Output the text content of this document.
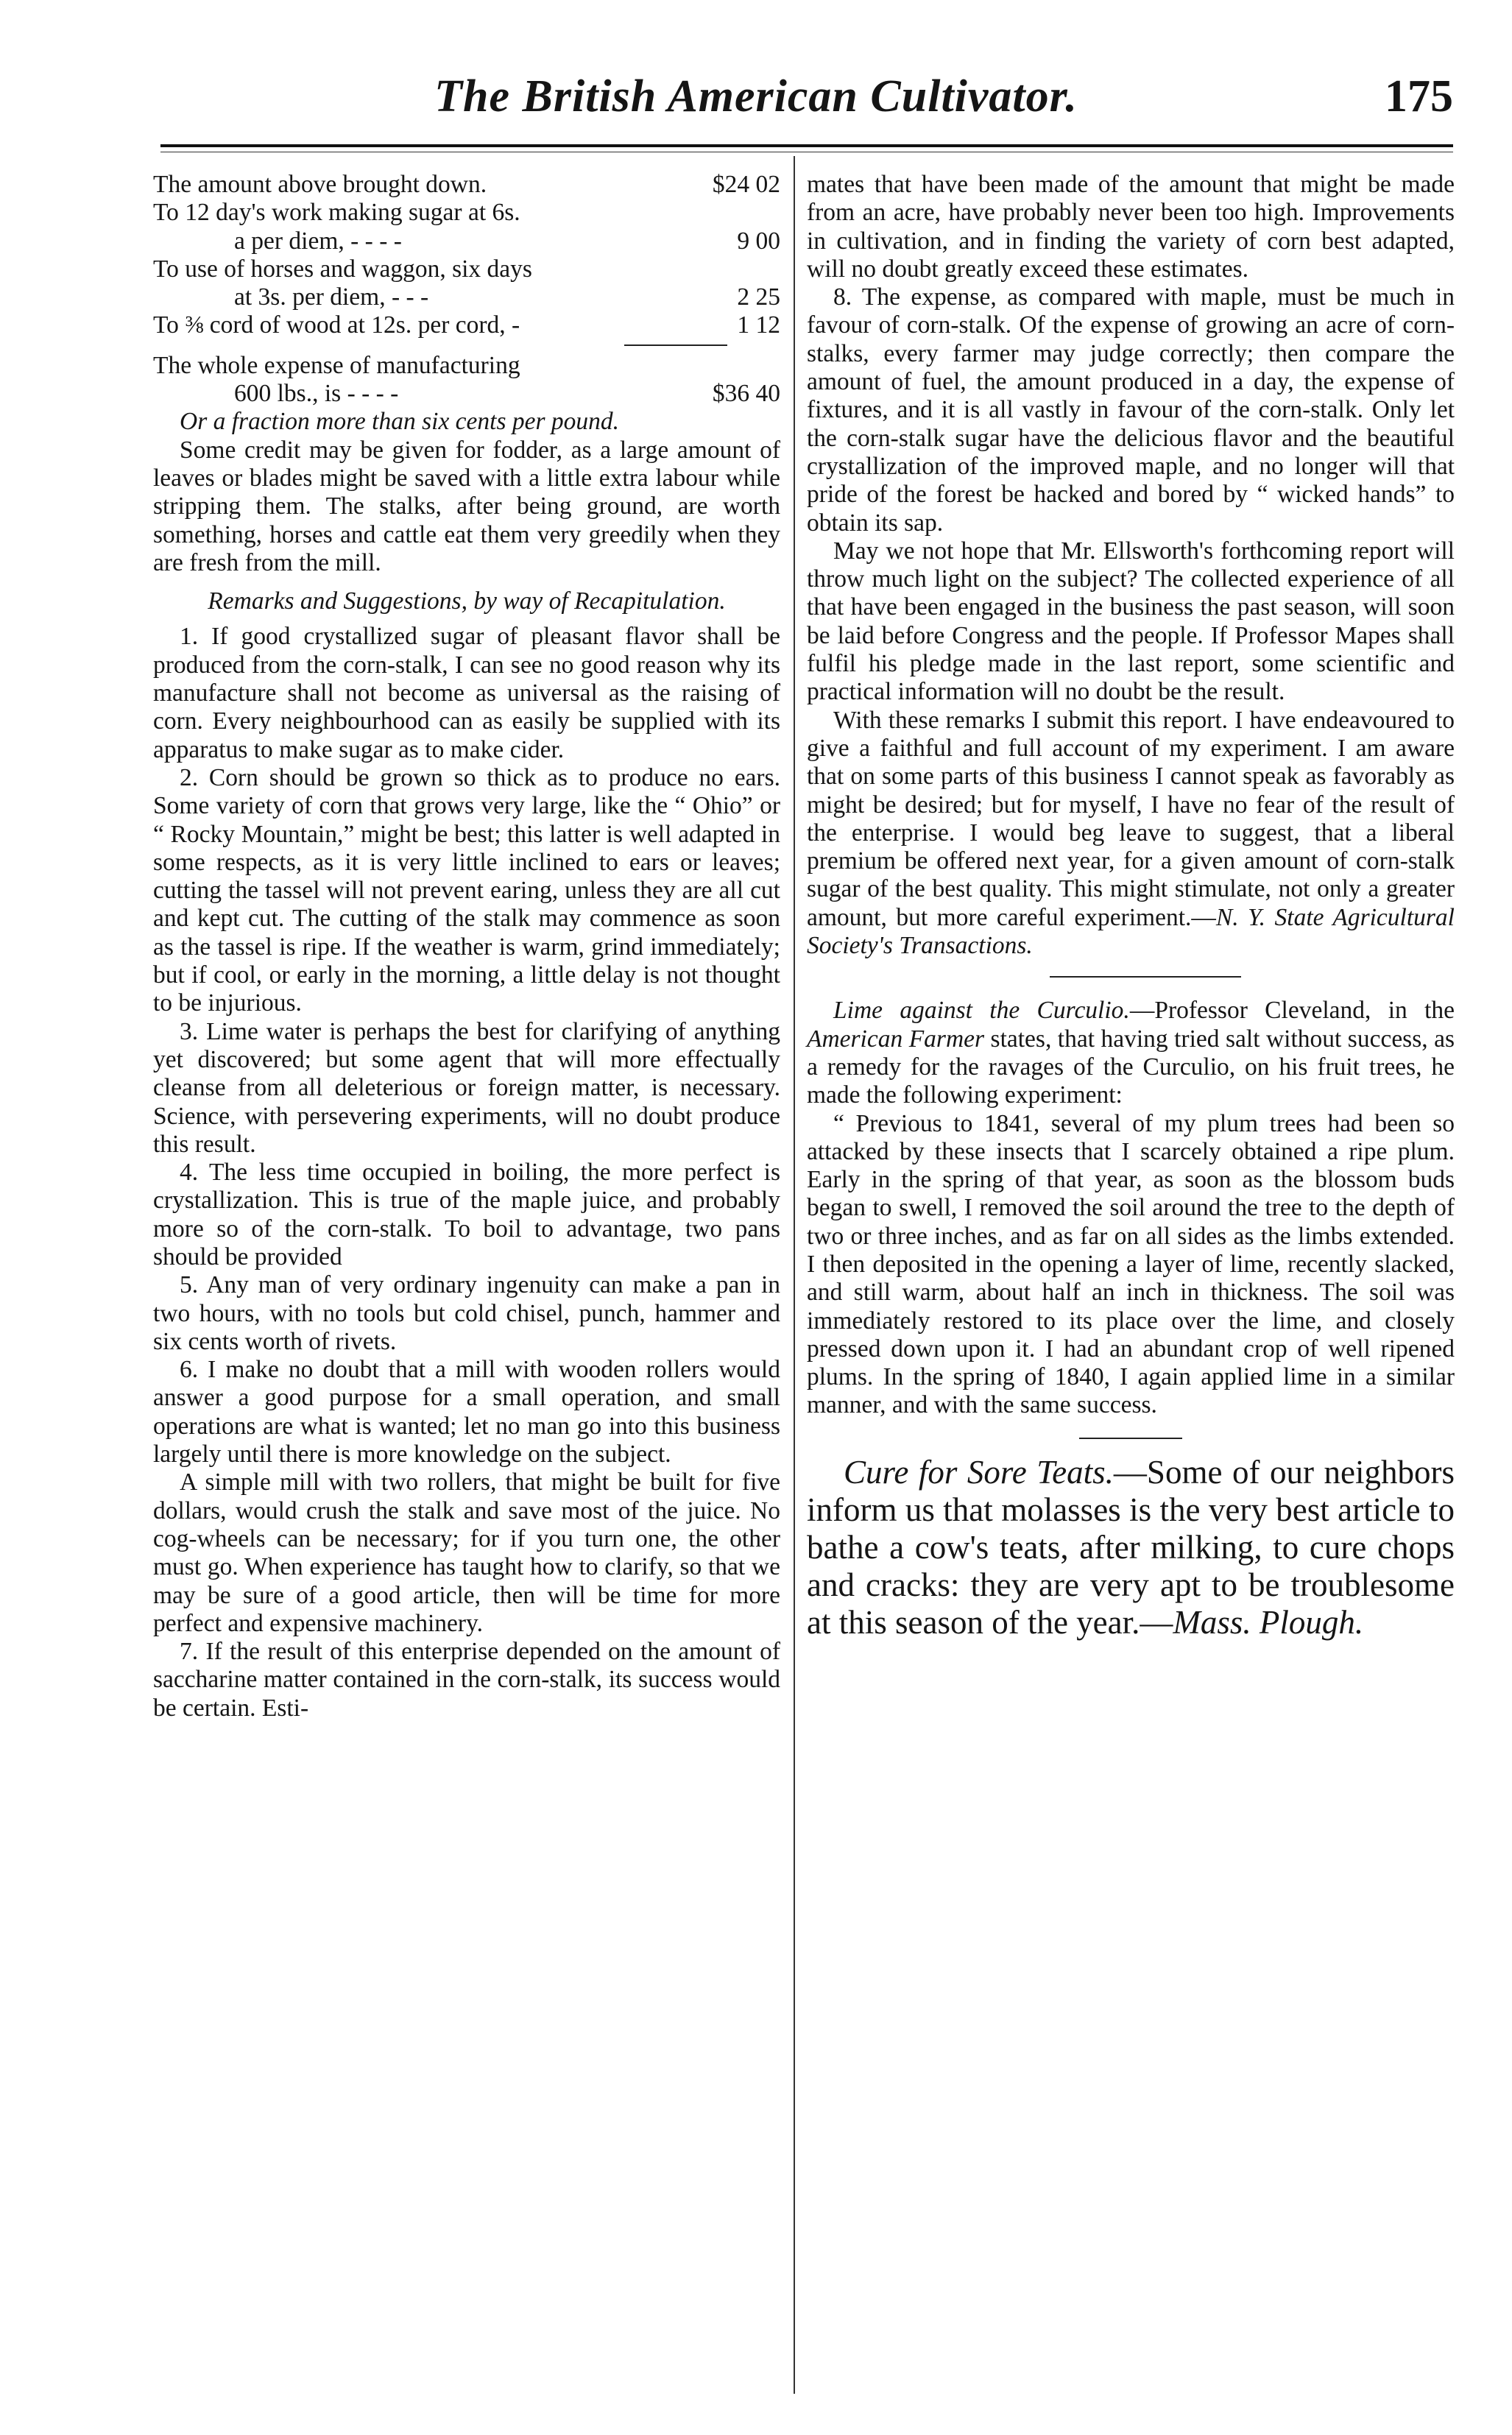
The British American Cultivator.	175
The amount above brought down.	$24 02
To 12 day's work making sugar at 6s.
a per diem, - - - -	9 00
To use of horses and waggon, six days
at 3s. per diem, - - -	2 25
To ⅜ cord of wood at 12s. per cord, -	1 12
The whole expense of manufacturing
600 lbs., is - - - -	$36 40

Or a fraction more than six cents per pound.

Some credit may be given for fodder, as a large amount of leaves or blades might be saved with a little extra labour while stripping them. The stalks, after being ground, are worth something, horses and cattle eat them very greedily when they are fresh from the mill.

Remarks and Suggestions, by way of Recapitulation.

1. If good crystallized sugar of pleasant flavor shall be produced from the corn-stalk, I can see no good reason why its manufacture shall not become as universal as the raising of corn. Every neighbourhood can as easily be supplied with its apparatus to make sugar as to make cider.

2. Corn should be grown so thick as to produce no ears. Some variety of corn that grows very large, like the “ Ohio” or “ Rocky Mountain,” might be best; this latter is well adapted in some respects, as it is very little inclined to ears or leaves; cutting the tassel will not prevent earing, unless they are all cut and kept cut. The cutting of the stalk may commence as soon as the tassel is ripe. If the weather is warm, grind immediately; but if cool, or early in the morning, a little delay is not thought to be injurious.

3. Lime water is perhaps the best for clarifying of anything yet discovered; but some agent that will more effectually cleanse from all deleterious or foreign matter, is necessary. Science, with persevering experiments, will no doubt produce this result.

4. The less time occupied in boiling, the more perfect is crystallization. This is true of the maple juice, and probably more so of the corn-stalk. To boil to advantage, two pans should be provided

5. Any man of very ordinary ingenuity can make a pan in two hours, with no tools but cold chisel, punch, hammer and six cents worth of rivets.

6. I make no doubt that a mill with wooden rollers would answer a good purpose for a small operation, and small operations are what is wanted; let no man go into this business largely until there is more knowledge on the subject.

A simple mill with two rollers, that might be built for five dollars, would crush the stalk and save most of the juice. No cog-wheels can be necessary; for if you turn one, the other must go. When experience has taught how to clarify, so that we may be sure of a good article, then will be time for more perfect and expensive machinery.

7. If the result of this enterprise depended on the amount of saccharine matter contained in the corn-stalk, its success would be certain. Esti-

mates that have been made of the amount that might be made from an acre, have probably never been too high. Improvements in cultivation, and in finding the variety of corn best adapted, will no doubt greatly exceed these estimates.

8. The expense, as compared with maple, must be much in favour of corn-stalk. Of the expense of growing an acre of corn-stalks, every farmer may judge correctly; then compare the amount of fuel, the amount produced in a day, the expense of fixtures, and it is all vastly in favour of the corn-stalk. Only let the corn-stalk sugar have the delicious flavor and the beautiful crystallization of the improved maple, and no longer will that pride of the forest be hacked and bored by “ wicked hands” to obtain its sap.

May we not hope that Mr. Ellsworth's forthcoming report will throw much light on the subject? The collected experience of all that have been engaged in the business the past season, will soon be laid before Congress and the people. If Professor Mapes shall fulfil his pledge made in the last report, some scientific and practical information will no doubt be the result.

With these remarks I submit this report. I have endeavoured to give a faithful and full account of my experiment. I am aware that on some parts of this business I cannot speak as favorably as might be desired; but for myself, I have no fear of the result of the enterprise. I would beg leave to suggest, that a liberal premium be offered next year, for a given amount of corn-stalk sugar of the best quality. This might stimulate, not only a greater amount, but more careful experiment.—N. Y. State Agricultural Society's Transactions.

Lime against the Curculio.—Professor Cleveland, in the American Farmer states, that having tried salt without success, as a remedy for the ravages of the Curculio, on his fruit trees, he made the following experiment:

“ Previous to 1841, several of my plum trees had been so attacked by these insects that I scarcely obtained a ripe plum. Early in the spring of that year, as soon as the blossom buds began to swell, I removed the soil around the tree to the depth of two or three inches, and as far on all sides as the limbs extended. I then deposited in the opening a layer of lime, recently slacked, and still warm, about half an inch in thickness. The soil was immediately restored to its place over the lime, and closely pressed down upon it. I had an abundant crop of well ripened plums. In the spring of 1840, I again applied lime in a similar manner, and with the same success.

Cure for Sore Teats.—Some of our neighbors inform us that molasses is the very best article to bathe a cow's teats, after milking, to cure chops and cracks: they are very apt to be troublesome at this season of the year.—Mass. Plough.
